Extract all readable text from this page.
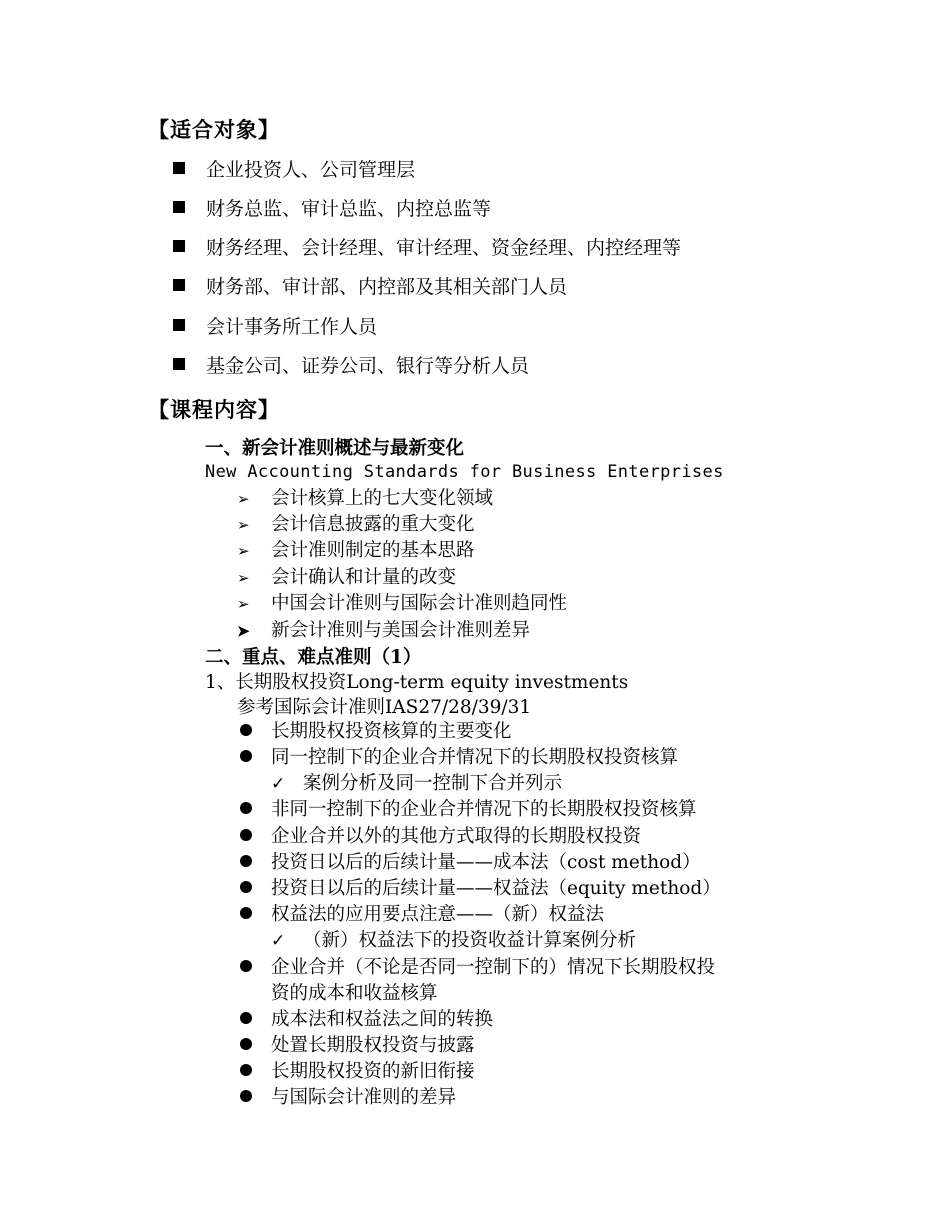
【适合对象】
企业投资人、公司管理层
财务总监、审计总监、内控总监等
财务经理、会计经理、审计经理、资金经理、内控经理等
财务部、审计部、内控部及其相关部门人员
会计事务所工作人员
基金公司、证券公司、银行等分析人员
【课程内容】
一、新会计准则概述与最新变化
New Accounting Standards for Business Enterprises
➢ 会计核算上的七大变化领域
➢ 会计信息披露的重大变化
➢ 会计准则制定的基本思路
➢ 会计确认和计量的改变
➢ 中国会计准则与国际会计准则趋同性
➤ 新会计准则与美国会计准则差异
二、重点、难点准则（1）
1、长期股权投资Long-term equity investments
参考国际会计准则IAS27/28/39/31
长期股权投资核算的主要变化
同一控制下的企业合并情况下的长期股权投资核算
✓ 案例分析及同一控制下合并列示
非同一控制下的企业合并情况下的长期股权投资核算
企业合并以外的其他方式取得的长期股权投资
投资日以后的后续计量——成本法（cost method）
投资日以后的后续计量——权益法（equity method）
权益法的应用要点注意——（新）权益法
✓ （新）权益法下的投资收益计算案例分析
企业合并（不论是否同一控制下的）情况下长期股权投
资的成本和收益核算
成本法和权益法之间的转换
处置长期股权投资与披露
长期股权投资的新旧衔接
与国际会计准则的差异
